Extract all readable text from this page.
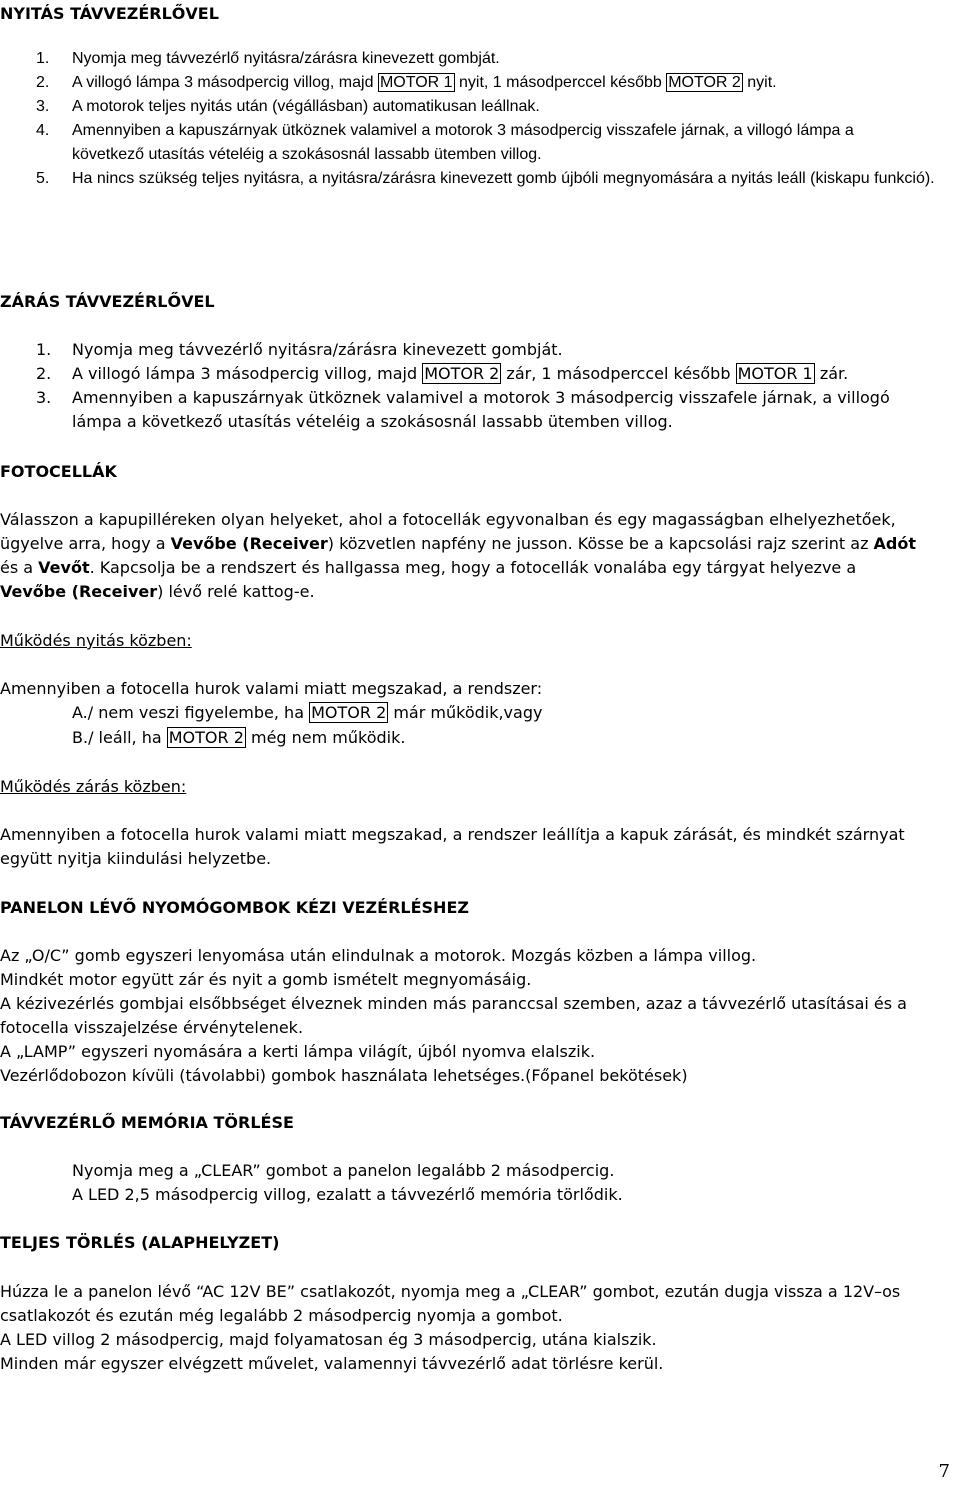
NYITÁS TÁVVEZÉRLŐVEL
1. Nyomja meg távvezérlő nyitásra/zárásra kinevezett gombját.
2. A villogó lámpa 3 másodpercig villog, majd MOTOR 1 nyit, 1 másodperccel később MOTOR 2 nyit.
3. A motorok teljes nyitás után (végállásban) automatikusan leállnak.
4. Amennyiben a kapuszárnyak ütköznek valamivel a motorok 3 másodpercig visszafele járnak, a villogó lámpa a következő utasítás vételéig a szokásosnál lassabb ütemben villog.
5. Ha nincs szükség teljes nyitásra, a nyitásra/zárásra kinevezett gomb újbóli megnyomására a nyitás leáll (kiskapu funkció).
ZÁRÁS TÁVVEZÉRLŐVEL
1. Nyomja meg távvezérlő nyitásra/zárásra kinevezett gombját.
2. A villogó lámpa 3 másodpercig villog, majd MOTOR 2 zár, 1 másodperccel később MOTOR 1 zár.
3. Amennyiben a kapuszárnyak ütköznek valamivel a motorok 3 másodpercig visszafele járnak, a villogó lámpa a következő utasítás vételéig a szokásosnál lassabb ütemben villog.
FOTOCELLÁK
Válasszon a kapupilléreken olyan helyeket, ahol a fotocellák egyvonalban és egy magasságban elhelyezhetőek, ügyelve arra, hogy a Vevőbe (Receiver) közvetlen napfény ne jusson. Kösse be a kapcsolási rajz szerint az Adót és a Vevőt. Kapcsolja be a rendszert és hallgassa meg, hogy a fotocellák vonalába egy tárgyat helyezve a Vevőbe (Receiver) lévő relé kattog-e.
Működés nyitás közben:
Amennyiben a fotocella hurok valami miatt megszakad, a rendszer:
A./ nem veszi figyelembe, ha MOTOR 2 már működik,vagy
B./ leáll, ha MOTOR 2 még nem működik.
Működés zárás közben:
Amennyiben a fotocella hurok valami miatt megszakad, a rendszer leállítja a kapuk zárását, és mindkét szárnyat együtt nyitja kiindulási helyzetbe.
PANELON LÉVŐ NYOMÓGOMBOK KÉZI VEZÉRLÉSHEZ
Az „O/C” gomb egyszeri lenyomása után elindulnak a motorok. Mozgás közben a lámpa villog.
Mindkét motor együtt zár és nyit a gomb ismételt megnyomásáig.
A kézivezérlés gombjai elsőbbséget élveznek minden más paranccsal szemben, azaz a távvezérlő utasításai és a fotocella visszajelzése érvénytelenek.
A „LAMP” egyszeri nyomására a kerti lámpa világít, újból nyomva elalszik.
Vezérlődobozon kívüli (távolabbi) gombok használata lehetséges.(Főpanel bekötések)
TÁVVEZÉRLŐ MEMÓRIA TÖRLÉSE
Nyomja meg a „CLEAR” gombot a panelon legalább 2 másodpercig.
A LED 2,5 másodpercig villog, ezalatt a távvezérlő memória törlődik.
TELJES TÖRLÉS (ALAPHELYZET)
Húzza le a panelon lévő “AC 12V BE” csatlakozót, nyomja meg a „CLEAR” gombot, ezután dugja vissza a 12V–os csatlakozót és ezután még legalább 2 másodpercig nyomja a gombot.
A LED villog 2 másodpercig, majd folyamatosan ég 3 másodpercig, utána kialszik.
Minden már egyszer elvégzett művelet, valamennyi távvezérlő adat törlésre kerül.
7
